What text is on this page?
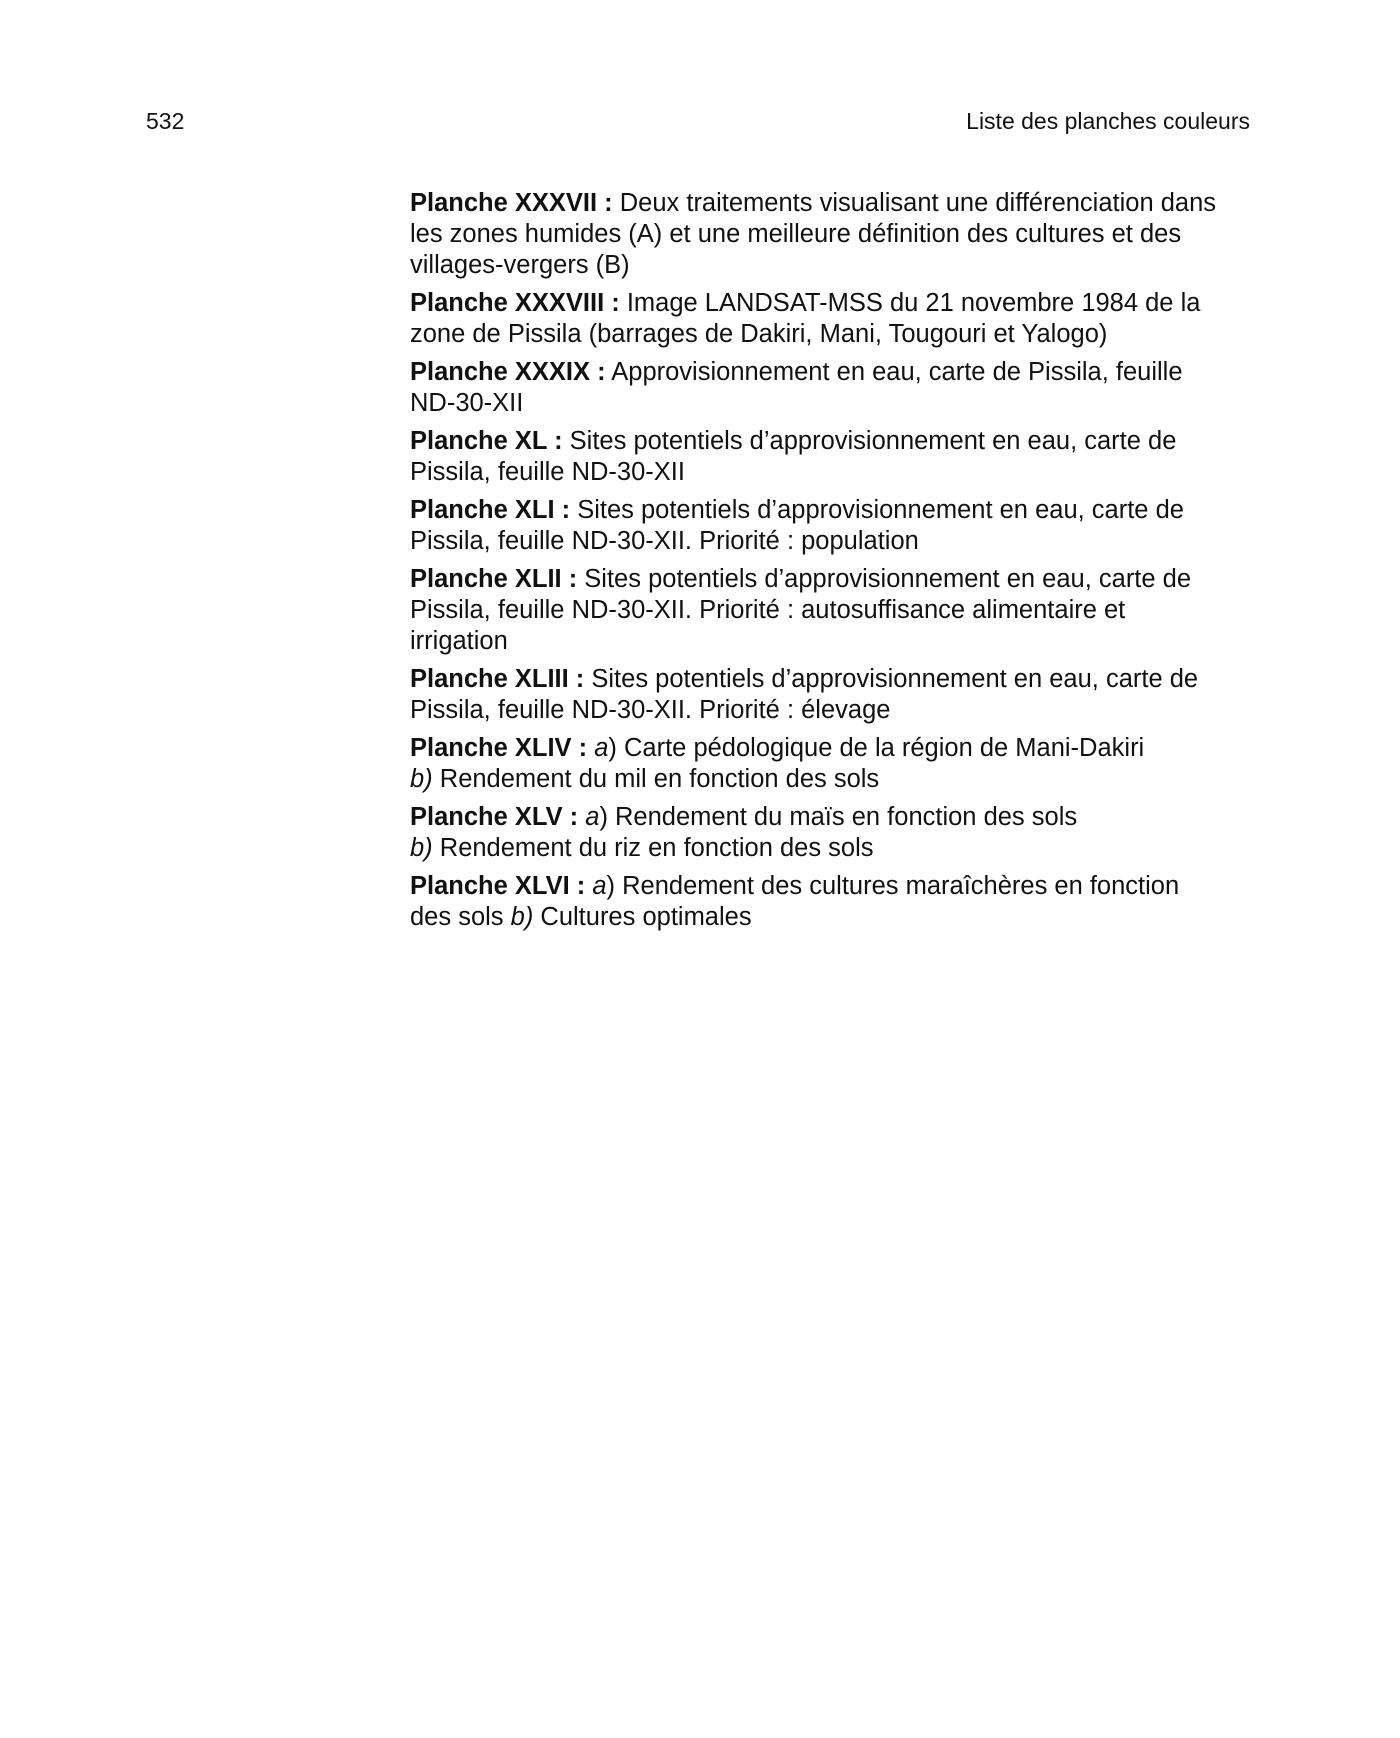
532	Liste des planches couleurs

Planche XXXVII : Deux traitements visualisant une différenciation dans
les zones humides (A) et une meilleure définition des cultures et des
villages-vergers (B)

Planche XXXVIII : Image LANDSAT-MSS du 21 novembre 1984 de la
zone de Pissila (barrages de Dakiri, Mani, Tougouri et Yalogo)

Planche XXXIX : Approvisionnement en eau, carte de Pissila, feuille
ND-30-XII

Planche XL : Sites potentiels d’approvisionnement en eau, carte de
Pissila, feuille ND-30-XII

Planche XLI : Sites potentiels d’approvisionnement en eau, carte de
Pissila, feuille ND-30-XII. Priorité : population

Planche XLII : Sites potentiels d’approvisionnement en eau, carte de
Pissila, feuille ND-30-XII. Priorité : autosuffisance alimentaire et
irrigation

Planche XLIII : Sites potentiels d’approvisionnement en eau, carte de
Pissila, feuille ND-30-XII. Priorité : élevage

Planche XLIV : a) Carte pédologique de la région de Mani-Dakiri
b) Rendement du mil en fonction des sols

Planche XLV : a) Rendement du maïs en fonction des sols
b) Rendement du riz en fonction des sols

Planche XLVI : a) Rendement des cultures maraîchères en fonction
des sols b) Cultures optimales
